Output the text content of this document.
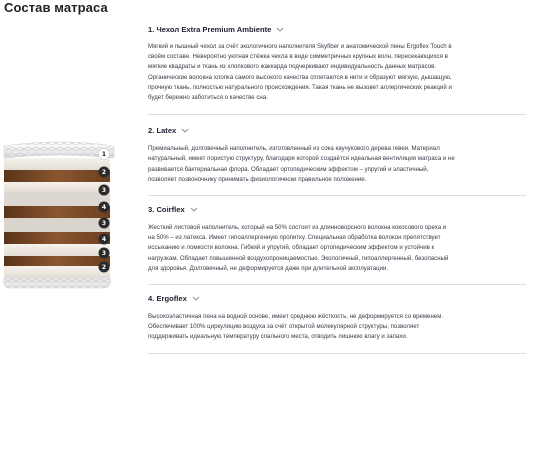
Состав матраса
1
2
3
4
3
4
3
2
1. Чехол Extra Premium Ambiente
Мягкий и пышный чехол за счёт экологичного наполнителя Skyfiber и анатомической пены Ergoflex Touch в
своём составе. Невероятно уютная стёжка чехла в виде симметричных крупных волн, пересекающихся в
мягкие квадраты и ткань из хлопкового жаккарда подчеркивают индивидуальность данных матрасов.
Органические волокна хлопка самого высокого качества сплетаются в нити и образуют мягкую, дышащую,
прочную ткань, полностью натурального происхождения. Такая ткань не вызовет аллергических реакций и
будет бережно заботиться о качестве сна.
2. Latex
Премиальный, долговечный наполнитель, изготовленный из сока каучукового дерева гевеи. Материал
натуральный, имеет пористую структуру, благодаря которой создаётся идеальная вентиляция матраса и не
развивается бактериальная флора. Обладает ортопедическим эффектом – упругий и эластичный,
позволяет позвоночнику принимать физиологически правильное положение.
3. Coirflex
Жесткий листовой наполнитель, который на 50% состоит из длинноворсного волокна кокосового ореха и
на 50% – из латекса. Имеет гипоаллергенную пропитку. Специальная обработка волокон препятствует
иссыханию и ломкости волокна. Гибкий и упругий, обладает ортопедическим эффектом и устойчив к
нагрузкам. Обладает повышенной воздухопроницаемостью. Экологичный, гипоаллергенный, безопасный
для здоровья. Долговечный, не деформируется даже при длительной эксплуатации.
4. Ergoflex
Высокоэластичная пена на водной основе, имеет среднюю жёсткость, не деформируется со временем.
Обеспечивает 100% циркуляцию воздуха за счёт открытой молекулярной структуры, позволяет
поддерживать идеальную температуру спального места, отводить лишнюю влагу и запахи.
